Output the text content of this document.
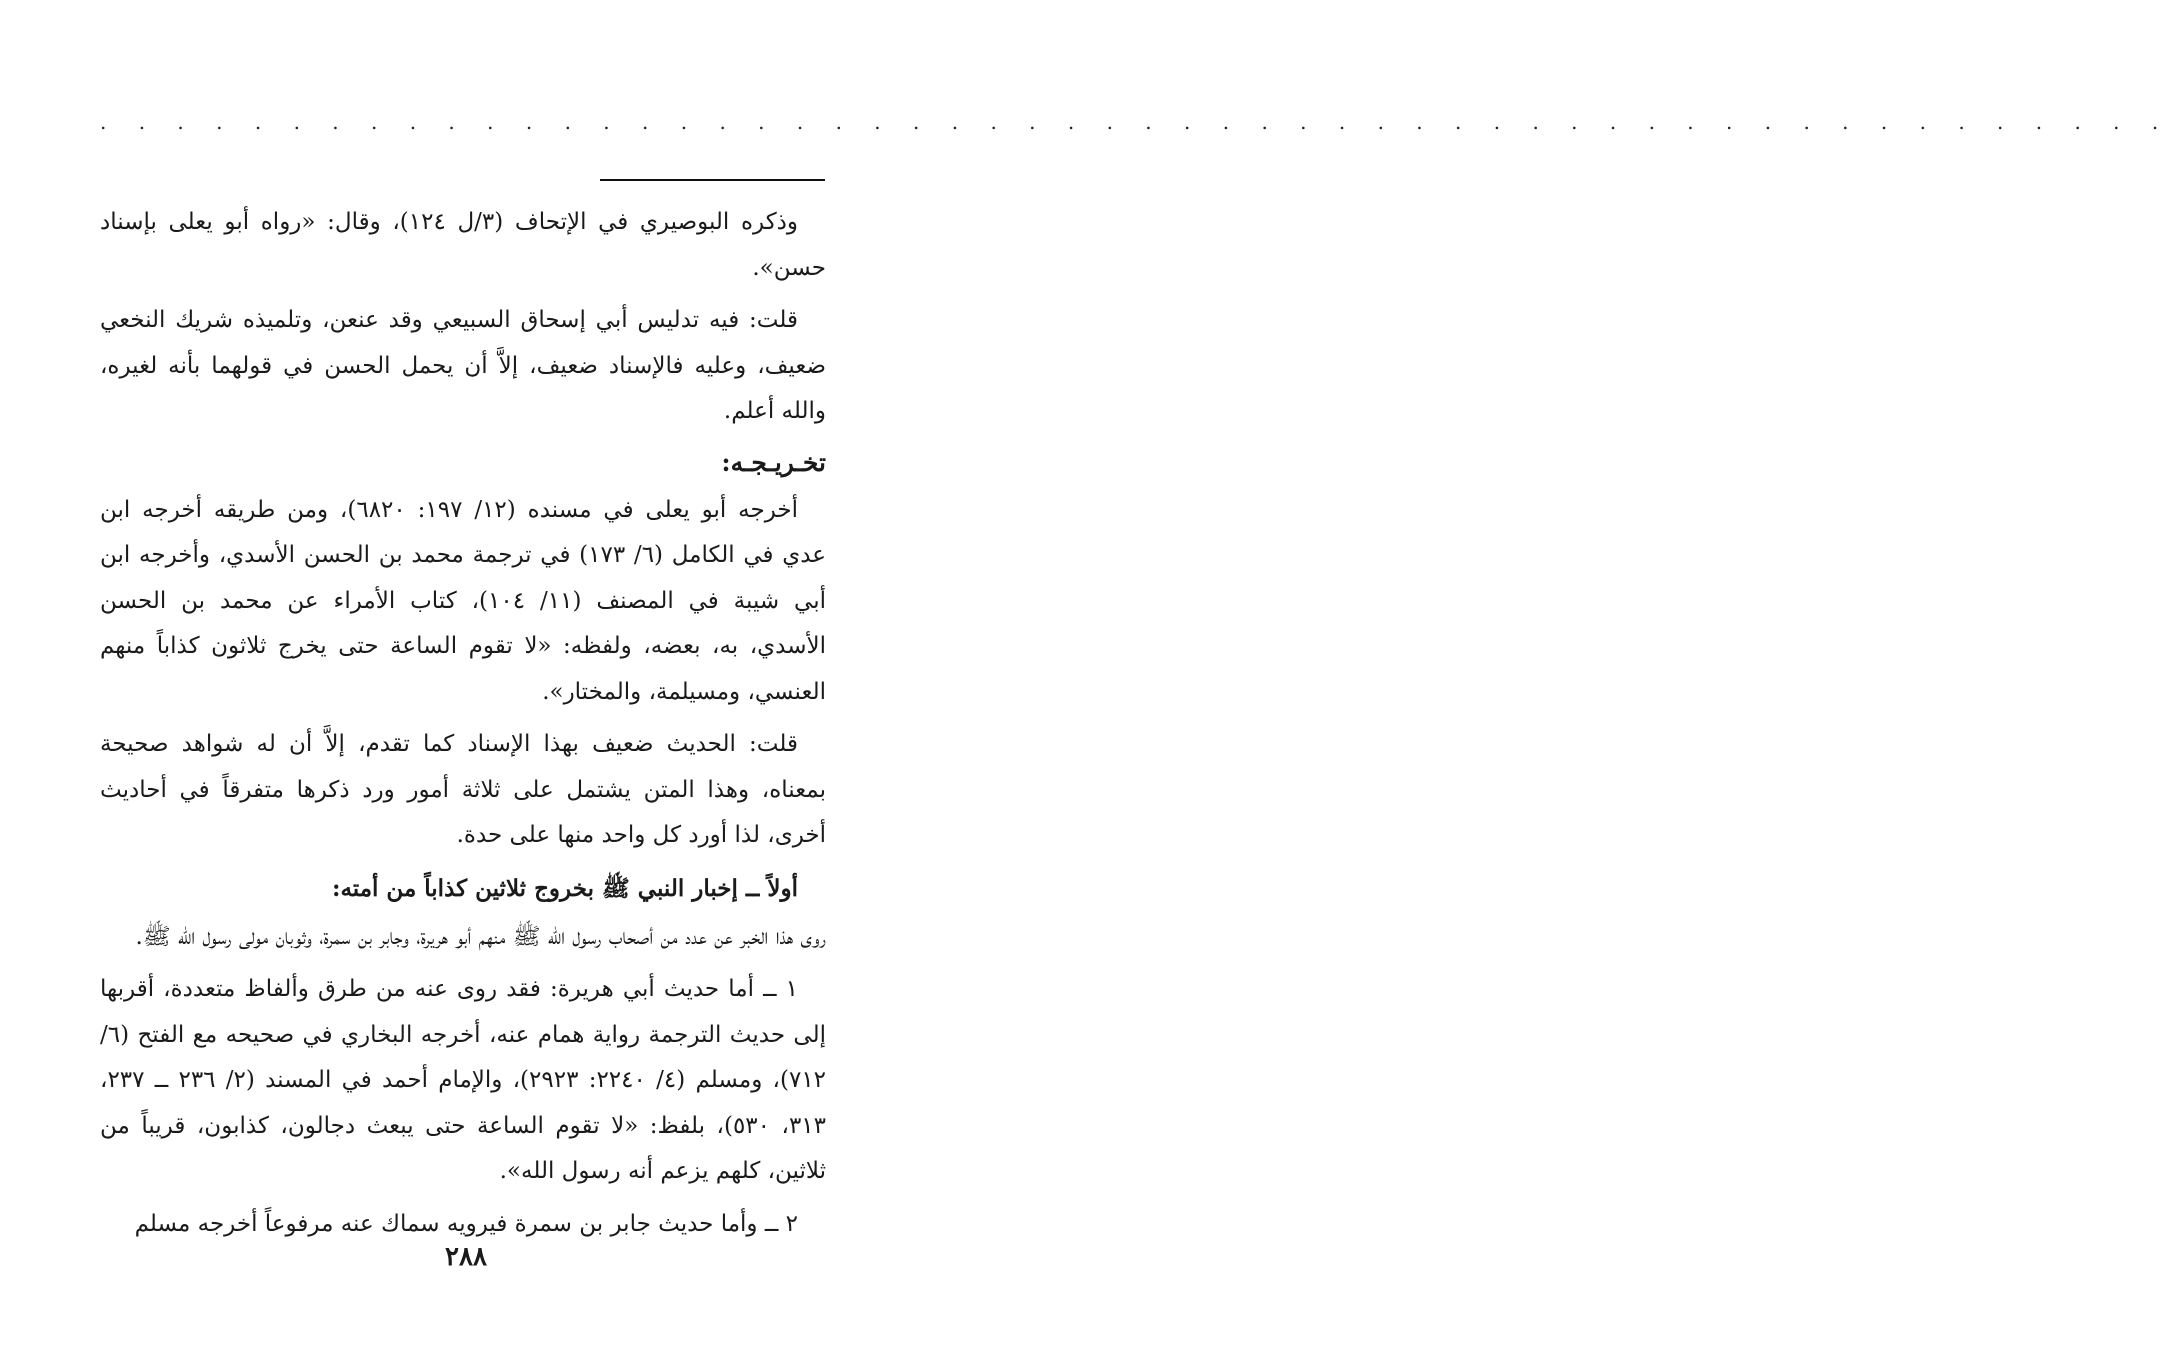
. . . . . . . . . . . . . . . . . . . . . . . . . . . . . . . . . . . . . . . . . . . . . . . . . . . . . .

وذكره البوصيري في الإتحاف (٣/ل ١٢٤)، وقال: «رواه أبو يعلى بإسناد حسن».

قلت: فيه تدليس أبي إسحاق السبيعي وقد عنعن، وتلميذه شريك النخعي ضعيف، وعليه فالإسناد ضعيف، إلاَّ أن يحمل الحسن في قولهما بأنه لغيره، والله أعلم.

تخـريـجـه:

أخرجه أبو يعلى في مسنده (١٢/ ١٩٧: ٦٨٢٠)، ومن طريقه أخرجه ابن عدي في الكامل (٦/ ١٧٣) في ترجمة محمد بن الحسن الأسدي، وأخرجه ابن أبي شيبة في المصنف (١١/ ١٠٤)، كتاب الأمراء عن محمد بن الحسن الأسدي، به، بعضه، ولفظه: «لا تقوم الساعة حتى يخرج ثلاثون كذاباً منهم العنسي، ومسيلمة، والمختار».

قلت: الحديث ضعيف بهذا الإسناد كما تقدم، إلاَّ أن له شواهد صحيحة بمعناه، وهذا المتن يشتمل على ثلاثة أمور ورد ذكرها متفرقاً في أحاديث أخرى، لذا أورد كل واحد منها على حدة.

أولاً ــ إخبار النبي ﷺ بخروج ثلاثين كذاباً من أمته:

روى هذا الخبر عن عدد من أصحاب رسول الله ﷺ منهم أبو هريرة، وجابر بن سمرة، وثوبان مولى رسول الله ﷺ.

١ ــ أما حديث أبي هريرة: فقد روى عنه من طرق وألفاظ متعددة، أقربها إلى حديث الترجمة رواية همام عنه، أخرجه البخاري في صحيحه مع الفتح (٦/ ٧١٢)، ومسلم (٤/ ٢٢٤٠: ٢٩٢٣)، والإمام أحمد في المسند (٢/ ٢٣٦ ــ ٢٣٧، ٣١٣، ٥٣٠)، بلفظ: «لا تقوم الساعة حتى يبعث دجالون، كذابون، قريباً من ثلاثين، كلهم يزعم أنه رسول الله».

٢ ــ وأما حديث جابر بن سمرة فيرويه سماك عنه مرفوعاً أخرجه مسلم

٢٨٨
